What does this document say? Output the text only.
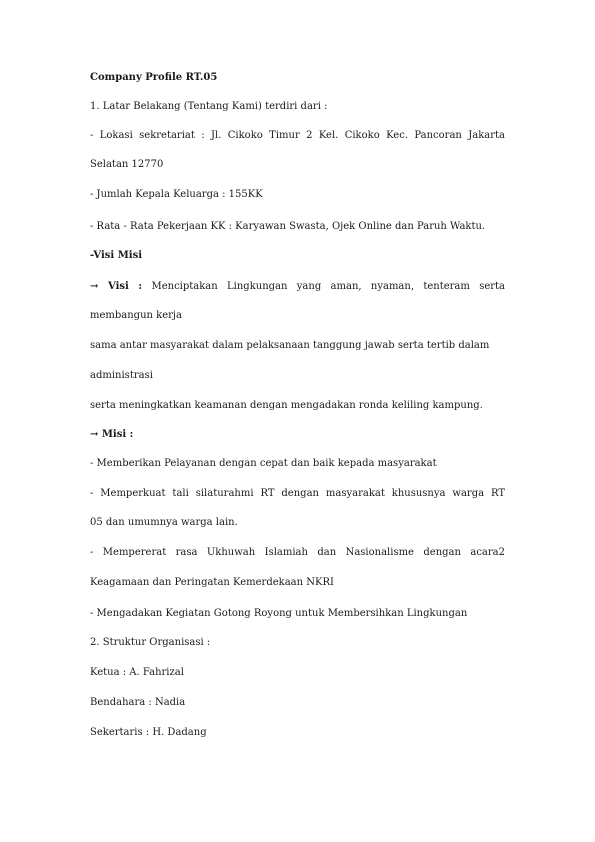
Company Profile RT.05
1. Latar Belakang (Tentang Kami) terdiri dari :
- Lokasi sekretariat : Jl. Cikoko Timur 2 Kel. Cikoko Kec. Pancoran Jakarta
Selatan 12770
- Jumlah Kepala Keluarga : 155KK
- Rata - Rata Pekerjaan KK : Karyawan Swasta, Ojek Online dan Paruh Waktu.
-Visi Misi
→ Visi : Menciptakan Lingkungan yang aman, nyaman, tenteram serta
membangun kerja
sama antar masyarakat dalam pelaksanaan tanggung jawab serta tertib dalam
administrasi
serta meningkatkan keamanan dengan mengadakan ronda keliling kampung.
→ Misi :
- Memberikan Pelayanan dengan cepat dan baik kepada masyarakat
- Memperkuat tali silaturahmi RT dengan masyarakat khususnya warga RT
05 dan umumnya warga lain.
- Mempererat rasa Ukhuwah Islamiah dan Nasionalisme dengan acara2
Keagamaan dan Peringatan Kemerdekaan NKRI
- Mengadakan Kegiatan Gotong Royong untuk Membersihkan Lingkungan
2. Struktur Organisasi :
Ketua : A. Fahrizal
Bendahara : Nadia
Sekertaris : H. Dadang
